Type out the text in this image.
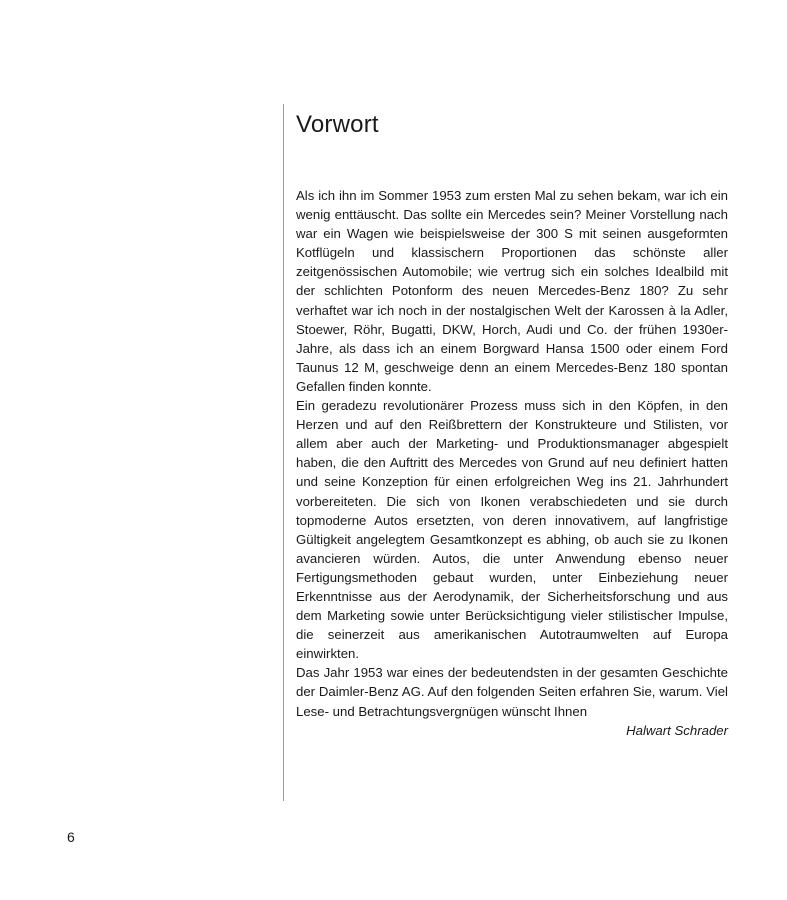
Vorwort

Als ich ihn im Sommer 1953 zum ersten Mal zu sehen bekam, war ich ein wenig enttäuscht. Das sollte ein Mercedes sein? Meiner Vorstellung nach war ein Wagen wie beispielsweise der 300 S mit seinen ausgeformten Kotflügeln und klassischern Proportionen das schönste aller zeitgenössischen Automobile; wie vertrug sich ein solches Idealbild mit der schlichten Potonform des neuen Mercedes-Benz 180? Zu sehr verhaftet war ich noch in der nostalgischen Welt der Karossen à la Adler, Stoewer, Röhr, Bugatti, DKW, Horch, Audi und Co. der frühen 1930er-Jahre, als dass ich an einem Borgward Hansa 1500 oder einem Ford Taunus 12 M, geschweige denn an einem Mercedes-Benz 180 spontan Gefallen finden konnte.

Ein geradezu revolutionärer Prozess muss sich in den Köpfen, in den Herzen und auf den Reißbrettern der Konstrukteure und Stilisten, vor allem aber auch der Marketing- und Produktionsmanager abgespielt haben, die den Auftritt des Mercedes von Grund auf neu definiert hatten und seine Konzeption für einen erfolgreichen Weg ins 21. Jahrhundert vorbereiteten. Die sich von Ikonen verabschiedeten und sie durch topmoderne Autos ersetzten, von deren innovativem, auf langfristige Gültigkeit angelegtem Gesamtkonzept es abhing, ob auch sie zu Ikonen avancieren würden. Autos, die unter Anwendung ebenso neuer Fertigungsmethoden gebaut wurden, unter Einbeziehung neuer Erkenntnisse aus der Aerodynamik, der Sicherheitsforschung und aus dem Marketing sowie unter Berücksichtigung vieler stilistischer Impulse, die seinerzeit aus amerikanischen Autotraumwelten auf Europa einwirkten.

Das Jahr 1953 war eines der bedeutendsten in der gesamten Geschichte der Daimler-Benz AG. Auf den folgenden Seiten erfahren Sie, warum. Viel Lese- und Betrachtungsvergnügen wünscht Ihnen

Halwart Schrader

6
